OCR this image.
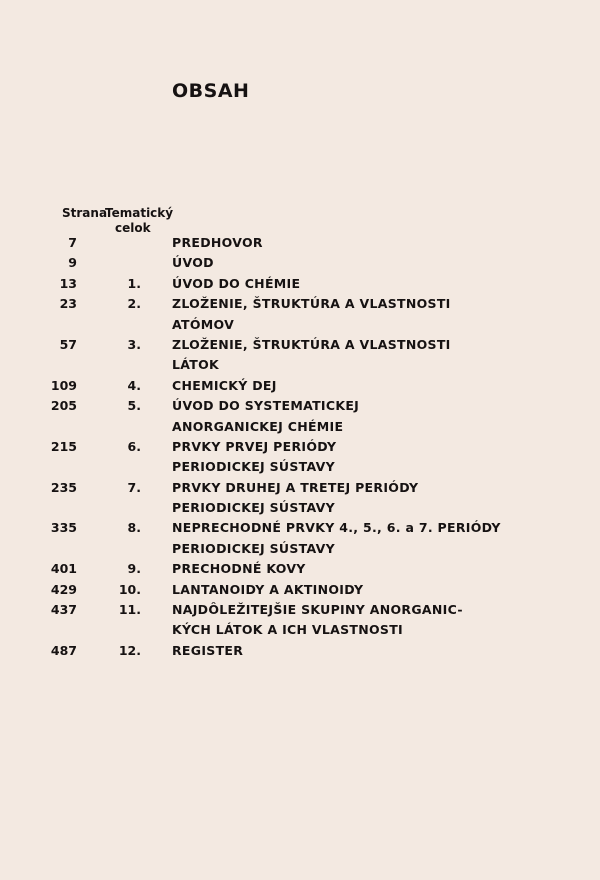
OBSAH
Strana
Tematický
celok
7	PREDHOVOR
9	ÚVOD
13	1. ÚVOD DO CHÉMIE
23	2. ZLOŽENIE, ŠTRUKTÚRA A VLASTNOSTI
ATÓMOV
57	3. ZLOŽENIE, ŠTRUKTÚRA A VLASTNOSTI
LÁTOK
109	4. CHEMICKÝ DEJ
205	5. ÚVOD DO SYSTEMATICKEJ
ANORGANICKEJ CHÉMIE
215	6. PRVKY PRVEJ PERIÓDY
PERIODICKEJ SÚSTAVY
235	7. PRVKY DRUHEJ A TRETEJ PERIÓDY
PERIODICKEJ SÚSTAVY
335	8. NEPRECHODNÉ PRVKY 4., 5., 6. a 7. PERIÓDY
PERIODICKEJ SÚSTAVY
401	9. PRECHODNÉ KOVY
429	10. LANTANOIDY A AKTINOIDY
437	11. NAJDÔLEŽITEJŠIE SKUPINY ANORGANIC-
KÝCH LÁTOK A ICH VLASTNOSTI
487	12. REGISTER
